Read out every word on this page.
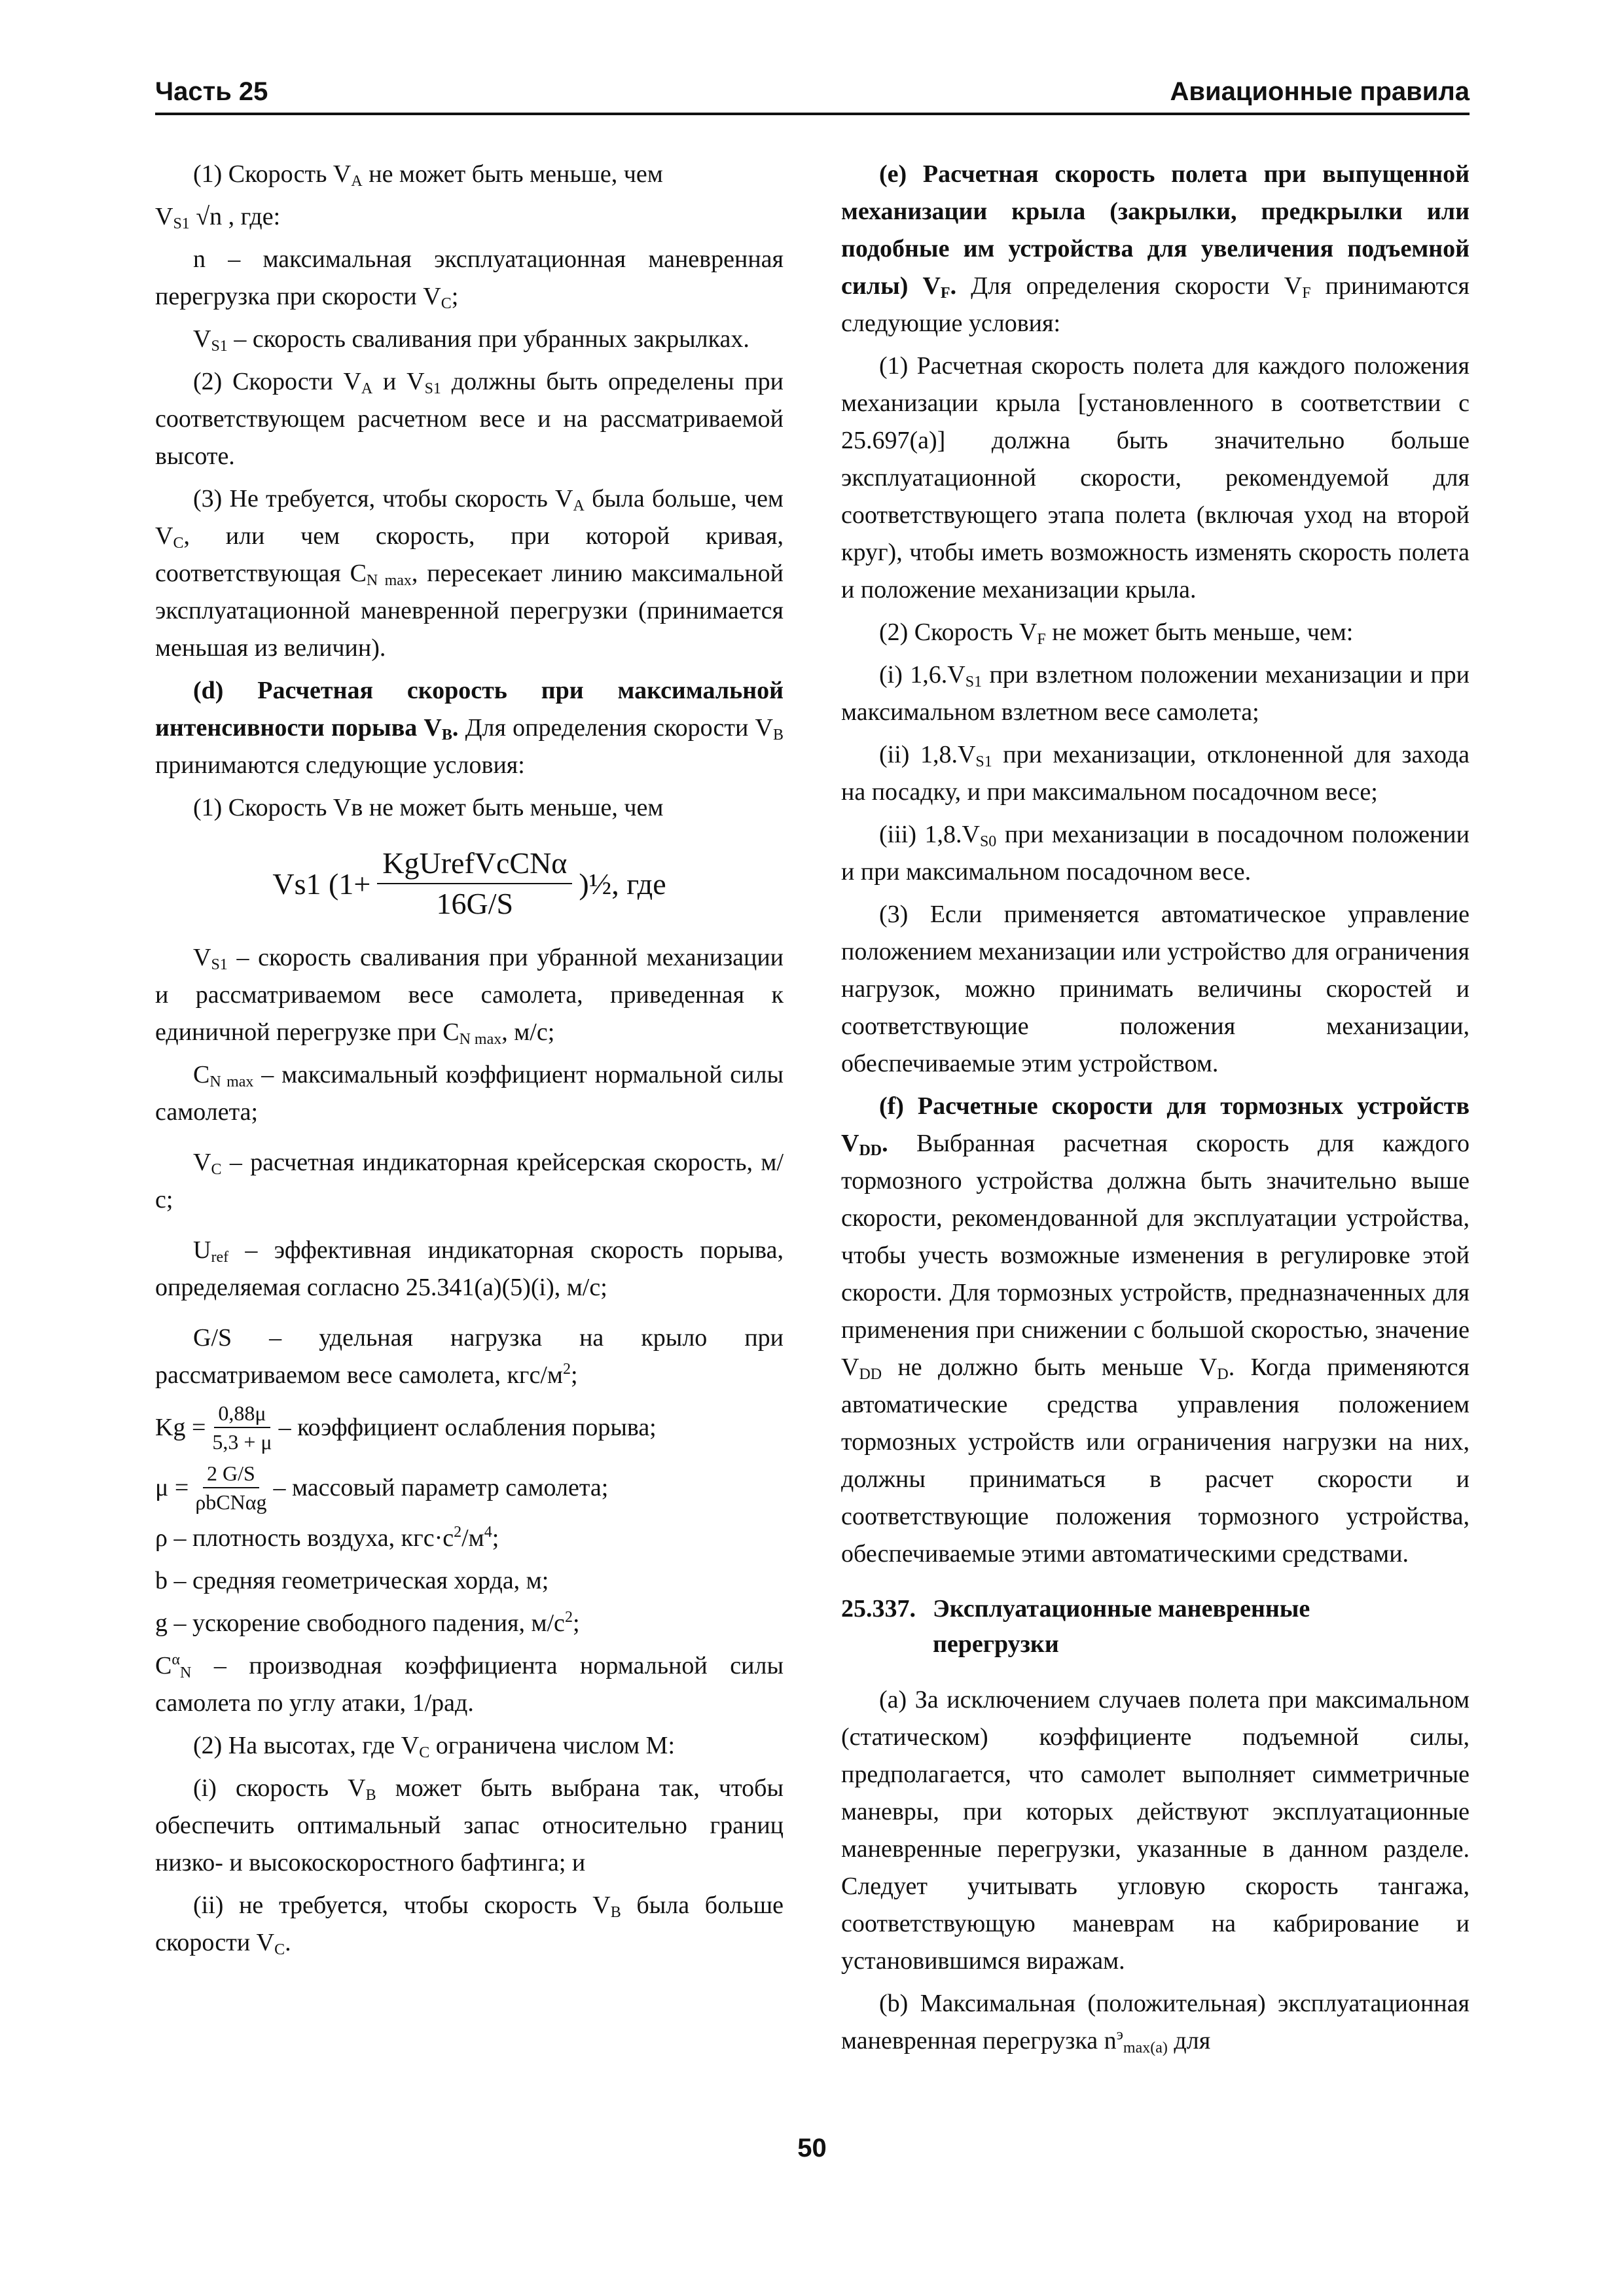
Часть 25	Авиационные правила

(1) Скорость $V_A$ не может быть меньше, чем

$V_{S1}$ √n , где:

n – максимальная эксплуатационная маневренная перегрузка при скорости $V_C$;

$V_{S1}$ – скорость сваливания при убранных закрылках.

(2) Скорости $V_A$ и $V_{S1}$ должны быть определены при соответствующем расчетном весе и на рассматриваемой высоте.

(3) Не требуется, чтобы скорость $V_A$ была больше, чем $V_C$, или чем скорость, при которой кривая, соответствующая $C_{N max}$, пересекает линию максимальной эксплуатационной маневренной перегрузки (принимается меньшая из величин).

(d) Расчетная скорость при максимальной интенсивности порыва $V_B$. Для определения скорости $V_B$ принимаются следующие условия:

(1) Скорость Vв не может быть меньше, чем

Vs1 ($1+ \frac{\text{KgUrefVcCNα}}{16G/S}$ )½, где

$V_{S1}$ – скорость сваливания при убранной механизации и рассматриваемом весе самолета, приведенная к единичной перегрузке при $C_{N max}$, м/с;

$C_{N max}$ – максимальный коэффициент нормальной силы самолета;

$V_C$ – расчетная индикаторная крейсерская скорость, м/с;

$U_{ref}$ – эффективная индикаторная скорость порыва, определяемая согласно 25.341(а)(5)(i), м/с;

G/S – удельная нагрузка на крыло при рассматриваемом весе самолета, кгс/$м^2$;

$Kg = \frac{0,88\mu}{5,3 + \mu}$ – коэффициент ослабления порыва;
$\mu = \frac{2 G/S}{\text{ρbCNαg}}$ – массовый параметр самолета;

ρ – плотность воздуха, $кгс\cdot с^2/м^4$;

b – средняя геометрическая хорда, м;

g – ускорение свободного падения, $м/с^2$;

$C^\alpha_N$ – производная коэффициента нормальной силы самолета по углу атаки, 1/рад.

(2) На высотах, где $V_C$ ограничена числом M:

(i) скорость $V_B$ может быть выбрана так, чтобы обеспечить оптимальный запас относительно границ низко- и высокоскоростного бафтинга; и

(ii) не требуется, чтобы скорость $V_B$ была больше скорости $V_C$.

(e) Расчетная скорость полета при выпущенной механизации крыла (закрылки, предкрылки или подобные им устройства для увеличения подъемной силы) $V_F$. Для определения скорости $V_F$ принимаются следующие условия:

(1) Расчетная скорость полета для каждого положения механизации крыла [установленного в соответствии с 25.697(а)] должна быть значительно больше эксплуатационной скорости, рекомендуемой для соответствующего этапа полета (включая уход на второй круг), чтобы иметь возможность изменять скорость полета и положение механизации крыла.

(2) Скорость $V_F$ не может быть меньше, чем:

(i) $1,6.V_{S1}$ при взлетном положении механизации и при максимальном взлетном весе самолета;

(ii) $1,8.V_{S1}$ при механизации, отклоненной для захода на посадку, и при максимальном посадочном весе;

(iii) $1,8.V_{S0}$ при механизации в посадочном положении и при максимальном посадочном весе.

(3) Если применяется автоматическое управление положением механизации или устройство для ограничения нагрузок, можно принимать величины скоростей и соответствующие положения механизации, обеспечиваемые этим устройством.

(f) Расчетные скорости для тормозных устройств $V_{DD}$. Выбранная расчетная скорость для каждого тормозного устройства должна быть значительно выше скорости, рекомендованной для эксплуатации устройства, чтобы учесть возможные изменения в регулировке этой скорости. Для тормозных устройств, предназначенных для применения при снижении с большой скоростью, значение $V_{DD}$ не должно быть меньше $V_D$. Когда применяются автоматические средства управления положением тормозных устройств или ограничения нагрузки на них, должны приниматься в расчет скорости и соответствующие положения тормозного устройства, обеспечиваемые этими автоматическими средствами.

25.337. Эксплуатационные маневренные
перегрузки

(а) За исключением случаев полета при максимальном (статическом) коэффициенте подъемной силы, предполагается, что самолет выполняет симметричные маневры, при которых действуют эксплуатационные маневренные перегрузки, указанные в данном разделе. Следует учитывать угловую скорость тангажа, соответствующую маневрам на кабрирование и установившимся виражам.

(b) Максимальная (положительная) эксплуатационная маневренная перегрузка $n^э_{max(a)}$ для

50
